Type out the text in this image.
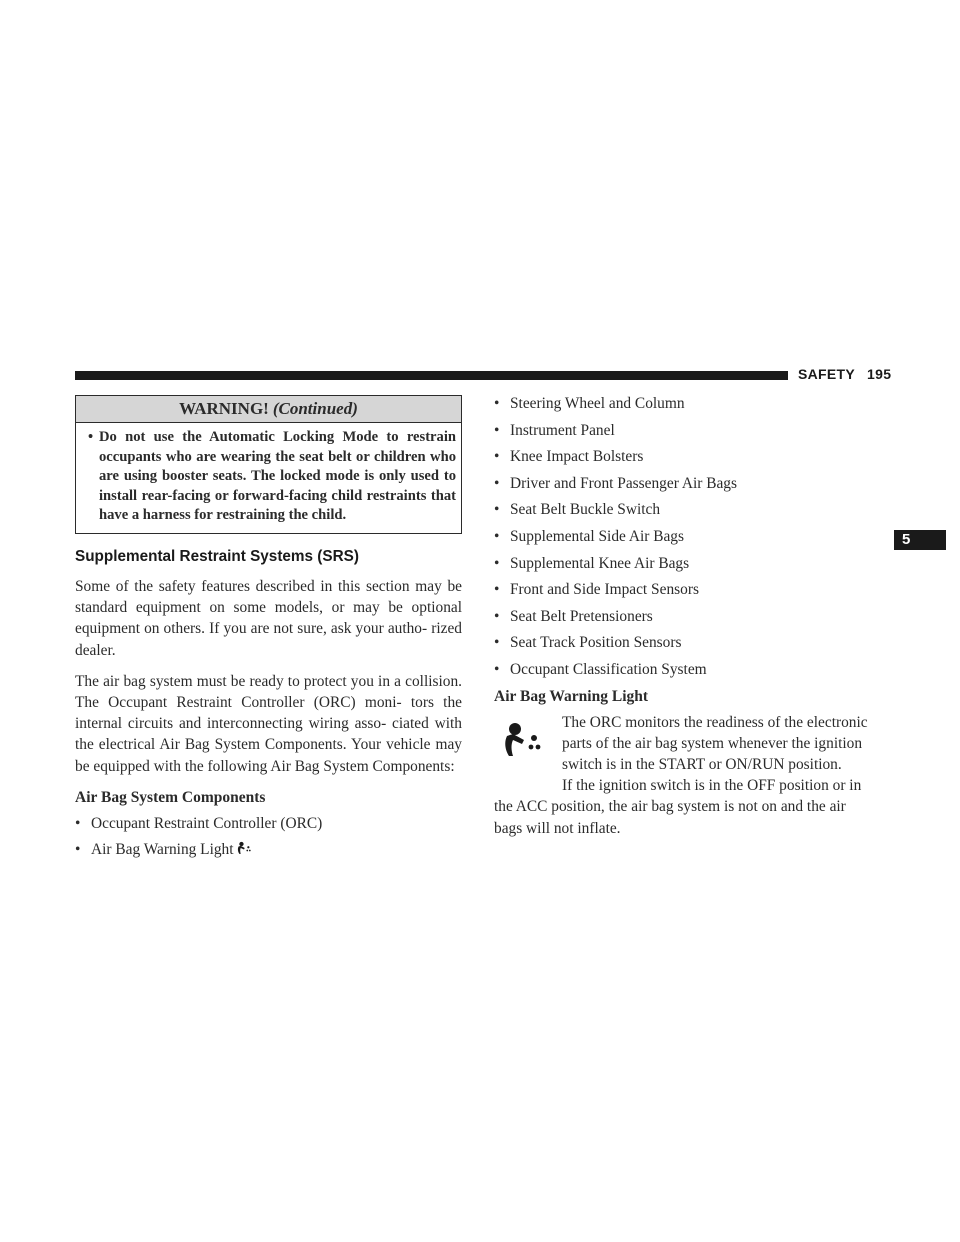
SAFETY 195
5
WARNING! (Continued)
• Do not use the Automatic Locking Mode to restrain occupants who are wearing the seat belt or children who are using booster seats. The locked mode is only used to install rear-facing or forward-facing child restraints that have a harness for restraining the child.
Supplemental Restraint Systems (SRS)

Some of the safety features described in this section may be standard equipment on some models, or may be optional equipment on others. If you are not sure, ask your autho- rized dealer.

The air bag system must be ready to protect you in a collision. The Occupant Restraint Controller (ORC) moni- tors the internal circuits and interconnecting wiring asso- ciated with the electrical Air Bag System Components. Your vehicle may be equipped with the following Air Bag System Components:

Air Bag System Components
• Occupant Restraint Controller (ORC)
• Air Bag Warning Light
• Steering Wheel and Column
• Instrument Panel
• Knee Impact Bolsters
• Driver and Front Passenger Air Bags
• Seat Belt Buckle Switch
• Supplemental Side Air Bags
• Supplemental Knee Air Bags
• Front and Side Impact Sensors
• Seat Belt Pretensioners
• Seat Track Position Sensors
• Occupant Classification System
Air Bag Warning Light
The ORC monitors the readiness of the electronic
parts of the air bag system whenever the ignition
switch is in the START or ON/RUN position.
If the ignition switch is in the OFF position or in
the ACC position, the air bag system is not on and the air
bags will not inflate.
